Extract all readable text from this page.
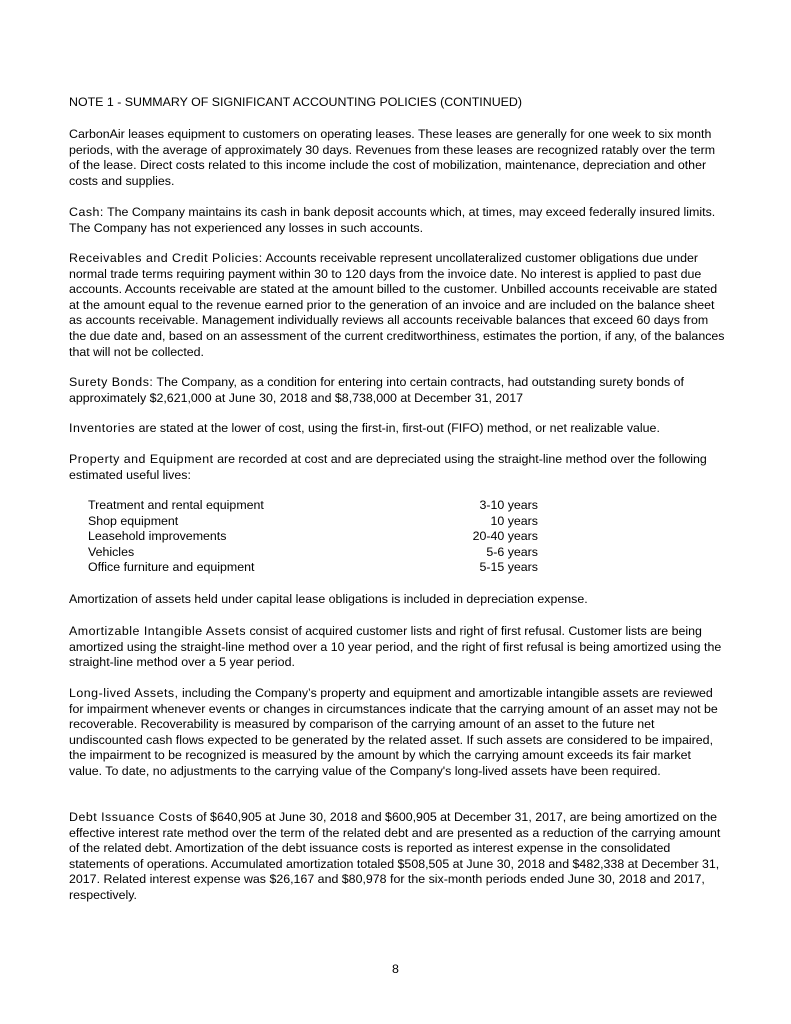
NOTE 1 - SUMMARY OF SIGNIFICANT ACCOUNTING POLICIES (CONTINUED)

CarbonAir leases equipment to customers on operating leases. These leases are generally for one week to six month periods, with the average of approximately 30 days. Revenues from these leases are recognized ratably over the term of the lease. Direct costs related to this income include the cost of mobilization, maintenance, depreciation and other costs and supplies.

Cash: The Company maintains its cash in bank deposit accounts which, at times, may exceed federally insured limits. The Company has not experienced any losses in such accounts.

Receivables and Credit Policies: Accounts receivable represent uncollateralized customer obligations due under normal trade terms requiring payment within 30 to 120 days from the invoice date. No interest is applied to past due accounts. Accounts receivable are stated at the amount billed to the customer. Unbilled accounts receivable are stated at the amount equal to the revenue earned prior to the generation of an invoice and are included on the balance sheet as accounts receivable. Management individually reviews all accounts receivable balances that exceed 60 days from the due date and, based on an assessment of the current creditworthiness, estimates the portion, if any, of the balances that will not be collected.

Surety Bonds: The Company, as a condition for entering into certain contracts, had outstanding surety bonds of approximately $2,621,000 at June 30, 2018 and $8,738,000 at December 31, 2017

Inventories are stated at the lower of cost, using the first-in, first-out (FIFO) method, or net realizable value.

Property and Equipment are recorded at cost and are depreciated using the straight-line method over the following estimated useful lives:

Treatment and rental equipment	3-10 years
Shop equipment	10 years
Leasehold improvements	20-40 years
Vehicles	5-6 years
Office furniture and equipment	5-15 years

Amortization of assets held under capital lease obligations is included in depreciation expense.

Amortizable Intangible Assets consist of acquired customer lists and right of first refusal. Customer lists are being amortized using the straight-line method over a 10 year period, and the right of first refusal is being amortized using the straight-line method over a 5 year period.

Long-lived Assets, including the Company’s property and equipment and amortizable intangible assets are reviewed for impairment whenever events or changes in circumstances indicate that the carrying amount of an asset may not be recoverable. Recoverability is measured by comparison of the carrying amount of an asset to the future net undiscounted cash flows expected to be generated by the related asset. If such assets are considered to be impaired, the impairment to be recognized is measured by the amount by which the carrying amount exceeds its fair market value. To date, no adjustments to the carrying value of the Company's long-lived assets have been required.

Debt Issuance Costs of $640,905 at June 30, 2018 and $600,905 at December 31, 2017, are being amortized on the effective interest rate method over the term of the related debt and are presented as a reduction of the carrying amount of the related debt. Amortization of the debt issuance costs is reported as interest expense in the consolidated statements of operations. Accumulated amortization totaled $508,505 at June 30, 2018 and $482,338 at December 31, 2017. Related interest expense was $26,167 and $80,978 for the six-month periods ended June 30, 2018 and 2017, respectively.

8
